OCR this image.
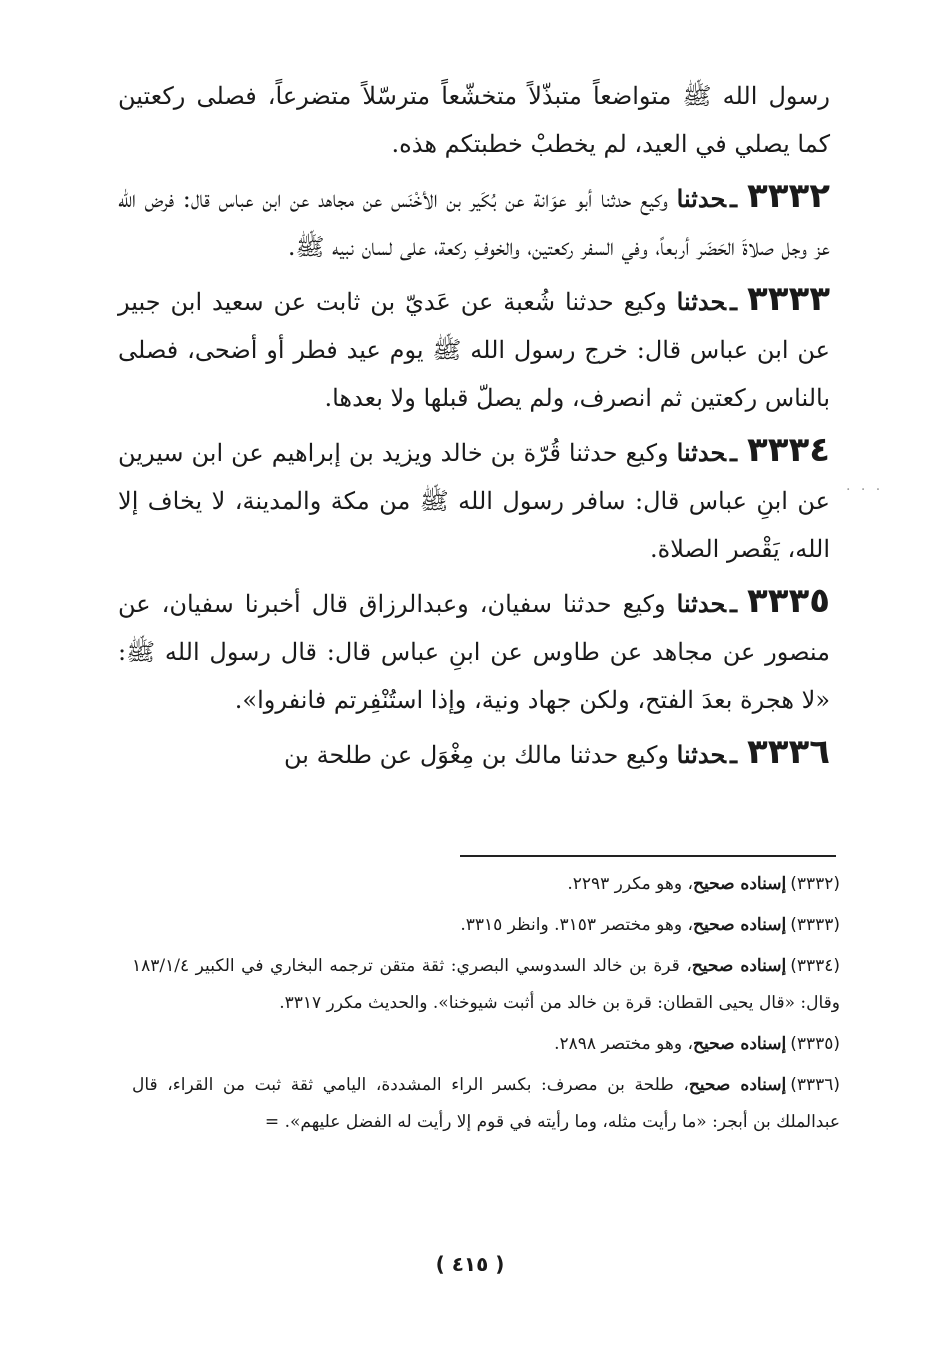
رسول الله ﷺ متواضعاً متبذّلاً متخشّعاً مترسّلاً متضرعاً، فصلى ركعتين كما يصلي في العيد، لم يخطبْ خطبتكم هذه.

٣٣٣٢ـحدثنا وكيع حدثنا أبو عوَانة عن بُكَير بن الأخْنَس عن مجاهد عن ابن عباس قال: فرض الله عز وجل صلاةَ الحَضَر أربعاً، وفي السفر ركعتين، والخوفِ ركعة، على لسان نبيه ﷺ.

٣٣٣٣ـحدثنا وكيع حدثنا شُعبة عن عَديّ بن ثابت عن سعيد ابن جبير عن ابن عباس قال: خرج رسول الله ﷺ يوم عيد فطر أو أضحى، فصلى بالناس ركعتين ثم انصرف، ولم يصلّ قبلها ولا بعدها.

٣٣٣٤ـحدثنا وكيع حدثنا قُرّة بن خالد ويزيد بن إبراهيم عن ابن سيرين عن ابنِ عباس قال: سافر رسول الله ﷺ من مكة والمدينة، لا يخاف إلا الله، يَقْصر الصلاة.

٣٣٣٥ـحدثنا وكيع حدثنا سفيان، وعبدالرزاق قال أخبرنا سفيان، عن منصور عن مجاهد عن طاوس عن ابنِ عباس قال: قال رسول الله ﷺ: «لا هجرة بعدَ الفتح، ولكن جهاد ونية، وإذا استُنْفِرتم فانفروا».

٣٣٣٦ـحدثنا وكيع حدثنا مالك بن مِغْوَل عن طلحة بن

. . .

(٣٣٣٢)إسناده صحيح، وهو مكرر ٢٢٩٣.

(٣٣٣٣)إسناده صحيح، وهو مختصر ٣١٥٣. وانظر ٣٣١٥.

(٣٣٣٤)إسناده صحيح، قرة بن خالد السدوسي البصري: ثقة متقن ترجمه البخاري في الكبير ١٨٣/١/٤ وقال: «قال يحيى القطان: قرة بن خالد من أثبت شيوخنا». والحديث مكرر ٣٣١٧.

(٣٣٣٥)إسناده صحيح، وهو مختصر ٢٨٩٨.

(٣٣٣٦)إسناده صحيح، طلحة بن مصرف: بكسر الراء المشددة، اليامي ثقة ثبت من القراء، قال عبدالملك بن أبجر: «ما رأيت مثله، وما رأيته في قوم إلا رأيت له الفضل عليهم». =

( ٤١٥ )
